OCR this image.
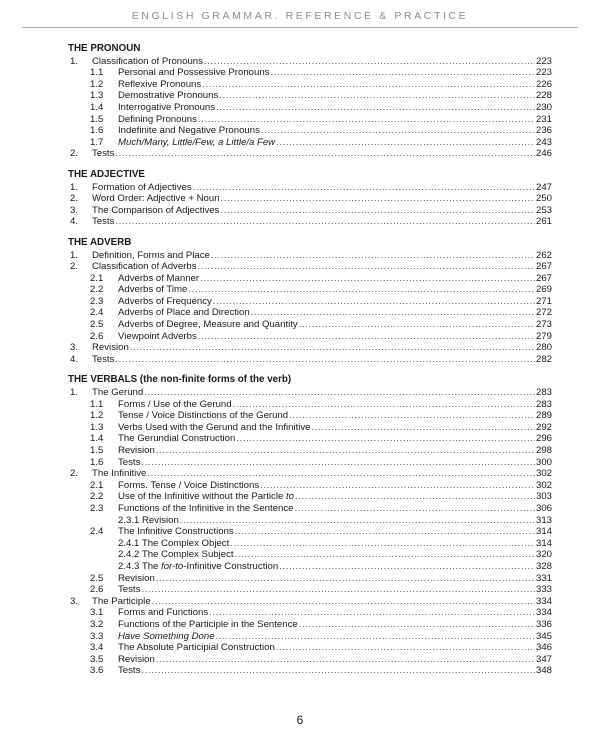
ENGLISH GRAMMAR. REFERENCE & PRACTICE
THE PRONOUN
1.	Classification of Pronouns .....	223
1.1	Personal and Possessive Pronouns .....	223
1.2	Reflexive Pronouns .....	226
1.3	Demostrative Pronouns .....	228
1.4	Interrogative Pronouns .....	230
1.5	Defining Pronouns .....	231
1.6	Indefinite and Negative Pronouns .....	236
1.7	Much/Many, Little/Few, a Little/a Few .....	243
2.	Tests .....	246
THE ADJECTIVE
1.	Formation of Adjectives .....	247
2.	Word Order: Adjective + Noun .....	250
3.	The Comparison of Adjectives .....	253
4.	Tests .....	261
THE ADVERB
1.	Definition, Forms and Place .....	262
2.	Classification of Adverbs .....	267
2.1	Adverbs of Manner .....	267
2.2	Adverbs of Time .....	269
2.3	Adverbs of Frequency .....	271
2.4	Adverbs of Place and Direction .....	272
2.5	Adverbs of Degree, Measure and Quantity .....	273
2.6	Viewpoint Adverbs .....	279
3.	Revision .....	280
4.	Tests .....	282
THE VERBALS (the non-finite forms of the verb)
1.	The Gerund .....	283
1.1	Forms / Use of the Gerund .....	283
1.2	Tense / Voice Distinctions of the Gerund .....	289
1.3	Verbs Used with the Gerund and the Infinitive .....	292
1.4	The Gerundial Construction .....	296
1.5	Revision .....	298
1.6	Tests .....	300
2.	The Infinitive .....	302
2.1	Forms. Tense / Voice Distinctions .....	302
2.2	Use of the Infinitive without the Particle to .....	303
2.3	Functions of the Infinitive in the Sentence .....	306
2.3.1 Revision .....	313
2.4	The Infinitive Constructions .....	314
2.4.1 The Complex Object .....	314
2.4.2 The Complex Subject .....	320
2.4.3 The for-to-Infinitive Construction .....	328
2.5	Revision .....	331
2.6	Tests .....	333
3.	The Participle .....	334
3.1	Forms and Functions .....	334
3.2	Functions of the Participle in the Sentence .....	336
3.3	Have Something Done .....	345
3.4	The Absolute Participial Construction .....	346
3.5	Revision .....	347
3.6	Tests .....	348
6
